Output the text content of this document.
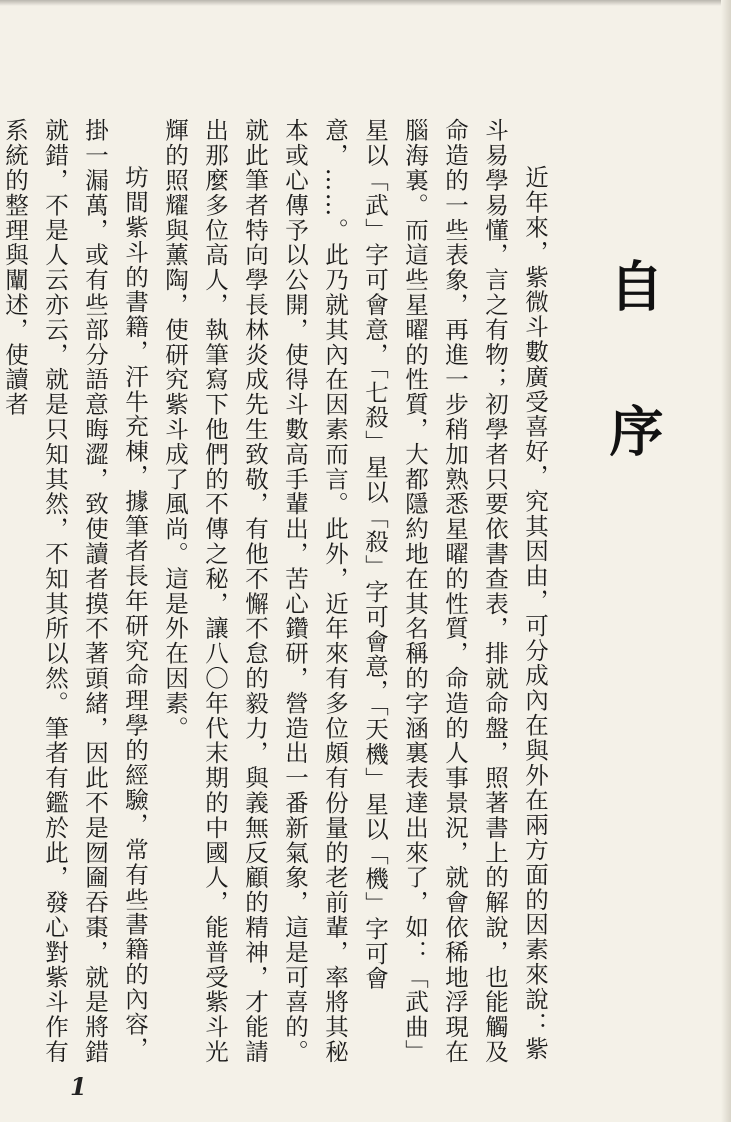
自 序

近年來，紫微斗數廣受喜好，究其因由，可分成內在與外在兩方面的因素來說：紫斗易學易懂，言之有物；初學者只要依書查表，排就命盤，照著書上的解說，也能觸及命造的一些表象，再進一步稍加熟悉星曜的性質，命造的人事景況，就會依稀地浮現在腦海裏。而這些星曜的性質，大都隱約地在其名稱的字涵裏表達出來了，如：「武曲」星以「武」字可會意，「七殺」星以「殺」字可會意，「天機」星以「機」字可會意，……。此乃就其內在因素而言。此外，近年來有多位頗有份量的老前輩，率將其秘本或心傳予以公開，使得斗數高手輩出，苦心鑽研，營造出一番新氣象，這是可喜的。就此筆者特向學長林炎成先生致敬，有他不懈不怠的毅力，與義無反顧的精神，才能請出那麼多位高人，執筆寫下他們的不傳之秘，讓八〇年代末期的中國人，能普受紫斗光輝的照耀與薰陶，使研究紫斗成了風尚。這是外在因素。

坊間紫斗的書籍，汗牛充棟，據筆者長年研究命理學的經驗，常有些書籍的內容，掛一漏萬，或有些部分語意晦澀，致使讀者摸不著頭緒，因此不是囫圇吞棗，就是將錯就錯，不是人云亦云，就是只知其然，不知其所以然。筆者有鑑於此，發心對紫斗作有系統的整理與闡述，使讀者

1
